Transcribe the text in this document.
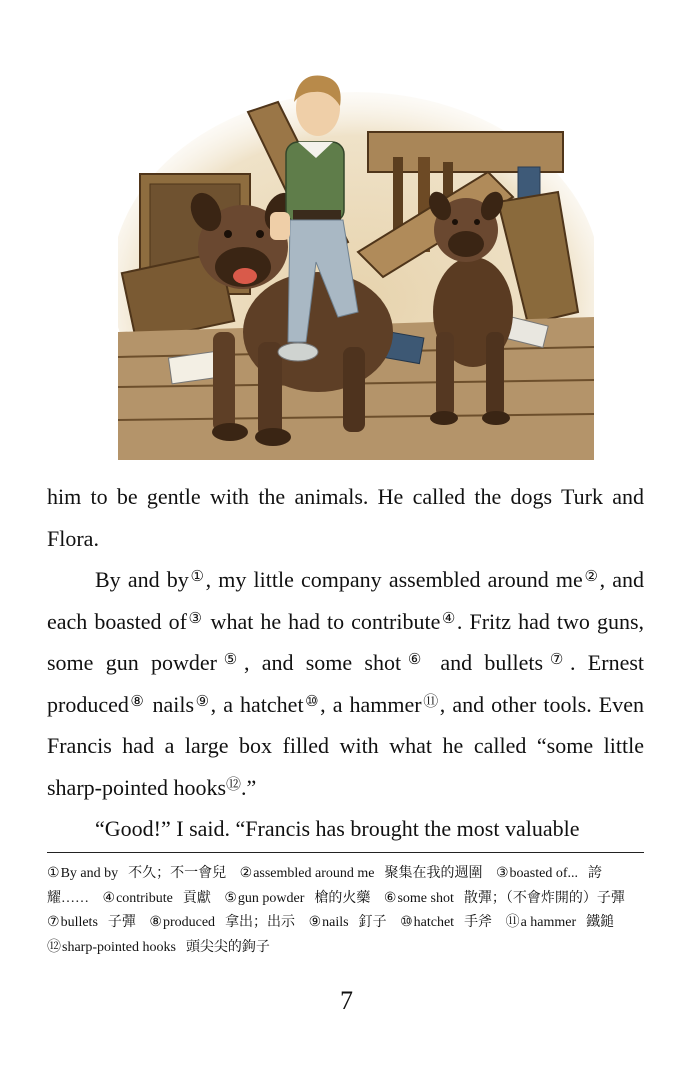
him to be gentle with the animals. He called the dogs Turk and Flora.

By and by①, my little company assembled around me②, and each boasted of③ what he had to contribute④. Fritz had two guns, some gun powder⑤, and some shot⑥ and bullets⑦. Ernest produced⑧ nails⑨, a hatchet⑩, a hammer⑪, and other tools. Even Francis had a large box filled with what he called “some little sharp-pointed hooks⑫.”

“Good!” I said. “Francis has brought the most valuable

①By and by 不久；不一會兒 ②assembled around me 聚集在我的週圍 ③boasted of... 誇耀…… ④contribute 貢獻 ⑤gun powder 槍的火藥 ⑥some shot 散彈；（不會炸開的）子彈 ⑦bullets 子彈 ⑧produced 拿出；出示 ⑨nails 釘子 ⑩hatchet 手斧 ⑪a hammer 鐵鎚 ⑫sharp-pointed hooks 頭尖尖的鉤子
7
